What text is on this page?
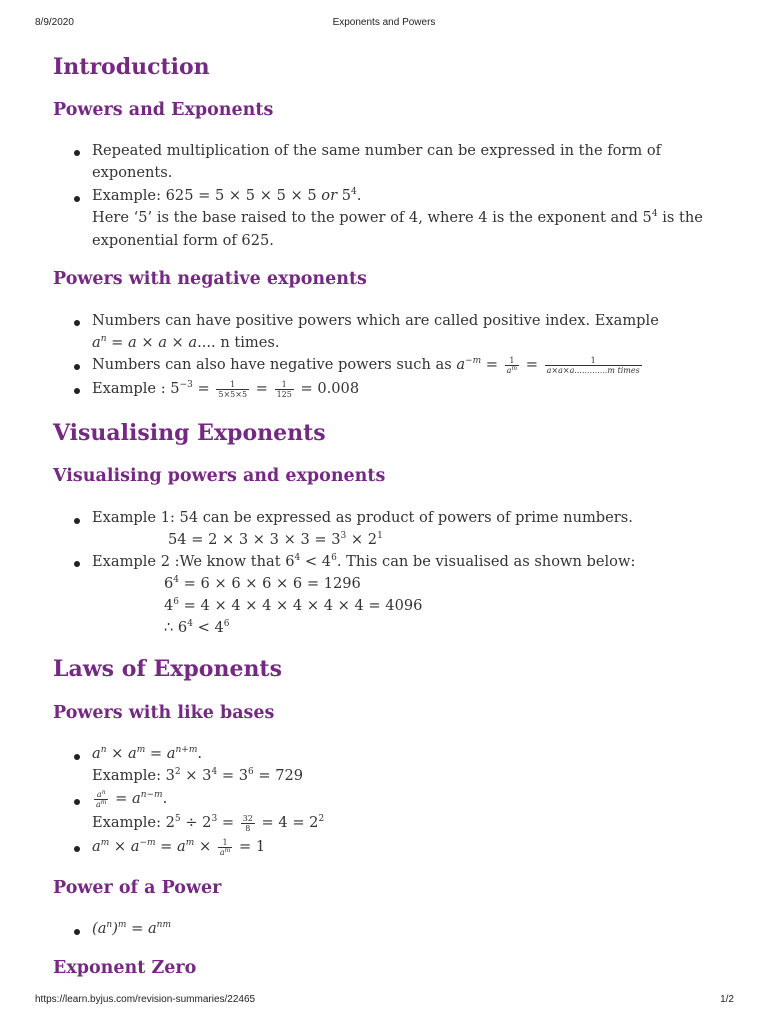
8/9/2020	Exponents and Powers
Introduction
Powers and Exponents
Repeated multiplication of the same number can be expressed in the form of
exponents.
Example: 625 = 5 × 5 × 5 × 5 or $5^4$.
Here ‘5’ is the base raised to the power of 4, where 4 is the exponent and $5^4$ is the
exponential form of 625.
Powers with negative exponents
Numbers can have positive powers which are called positive index. Example
$a^n = a \times a \times a$.... n times.
Numbers can also have negative powers such as $a^{-m} = \frac{1}{a^m} = \frac{1}{\text{a×a×a.............m times}}$
Example : $5^{-3} = \frac{1}{5\times 5\times 5} = \frac{1}{125} = 0.008$
Visualising Exponents
Visualising powers and exponents
Example 1: 54 can be expressed as product of powers of prime numbers.
$54 = 2 \times 3 \times 3 \times 3 = 3^3 \times 2^1$
Example 2 :We know that $6^4 < 4^6$. This can be visualised as shown below:
$6^4 = 6 \times 6 \times 6 \times 6 = 1296$
$4^6 = 4 \times 4 \times 4 \times 4 \times 4 \times 4 = 4096$
∴ $6^4 < 4^6$
Laws of Exponents
Powers with like bases
$a^n \times a^m = a^{n+m}$.
Example: $3^2 \times 3^4 = 3^6 = 729$
$\frac{a^n}{a^m} = a^{n-m}$.
Example: $2^5 \div 2^3 = \frac{32}{8} = 4 = 2^2$
$a^m \times a^{-m} = a^m \times \frac{1}{a^m} = 1$
Power of a Power
$(a^n)^m = a^{nm}$
Exponent Zero
https://learn.byjus.com/revision-summaries/22465	1/2
